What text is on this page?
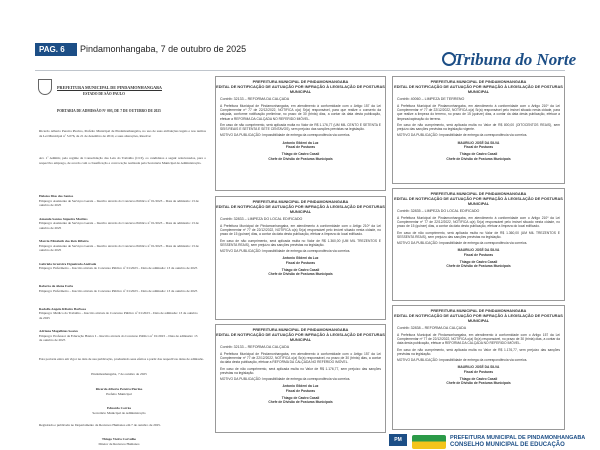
PAG. 6	Pindamonhangaba, 7 de outubro de 2025
Tribuna do Norte
PREFEITURA MUNICIPAL DE PINDAMONHANGABA
ESTADO DE SÃO PAULO
PORTARIA DE ADMISSÃO Nº 003, DE 7 DE OUTUBRO DE 2025
Ricardo Alberto Pereira Piorino, Prefeito Municipal de Pindamonhangaba, no uso de suas atribuições legais e nos termos da Lei Municipal nº 5.076, de 21 de dezembro de 2010, e suas alterações, Resolve:
Art. 1º Admitir, pelo regime da Consolidação das Leis do Trabalho (CLT), os candidatos a seguir relacionados, para o respectivo emprego, de acordo com a classificação e convocação realizada pela Secretaria Municipal de Administração.
Heloísa Dias dos Santos
Emprego: Assistente de Serviços Gerais – Inscrito através do Concurso Público nº 01/2023 – Data de admissão: 13 de outubro de 2025
Amanda Santos Siqueira Martins
Emprego: Assistente de Serviços Gerais – Inscrito através do Concurso Público nº 01/2023 – Data de admissão: 13 de outubro de 2025
Marcia Elizabeth dos Reis Ribeiro
Emprego: Assistente de Serviços Gerais – Inscrito através do Concurso Público nº 01/2023 – Data de admissão: 13 de outubro de 2025
Gabriela Granvira Figueiredo Andrade
Emprego: Enfermeiro – Inscrito através do Concurso Público nº 01/2023 – Data de admissão: 13 de outubro de 2025
Roberta de Alena Faria
Emprego: Enfermeiro – Inscrito através do Concurso Público nº 01/2023 – Data de admissão: 13 de outubro de 2025
Rodolfo Angelo Ribeiro Barbosa
Emprego: Médico do Trabalho – Inscrito através do Concurso Público nº 01/2023 – Data de admissão: 13 de outubro de 2025
Adriana Magalhães Soares
Emprego: Professor de Educação Básica I – Inscrito através do Concurso Público nº 01/2023 – Data de admissão: 13 de outubro de 2025
Esta portaria entra em vigor na data de sua publicação, produzindo seus efeitos a partir das respectivas datas de admissão.
Pindamonhangaba, 7 de outubro de 2025
Ricardo Alberto Pereira Piorino
Prefeito Municipal
Eduardo Corrêa
Secretário Municipal de Administração
Registrada e publicada no Departamento de Recursos Humanos em 7 de outubro de 2025.
Thiago Vieira Carvalho
Diretor de Recursos Humanos
PREFEITURA MUNICIPAL DE PINDAMONHANGABA
EDITAL DE NOTIFICAÇÃO DE AUTUAÇÃO POR INFRAÇÃO À LEGISLAÇÃO DE POSTURAS MUNICIPAL
Contrib: 32133 – REFORMA DA CALÇADA

A Prefeitura Municipal de Pindamonhangaba, em atendimento à conformidade com o Artigo 157 da Lei Complementar nº 77 de 22/12/2022, NOTIFICA o(a) Sr(a) responsável, para que realize o conserto da calçada, conforme notificação preliminar, no prazo de 30 (trinta) dias, a contar da data desta publicação, efetuar a REFORMA DA CALÇADA NO REFERIDO IMÓVEL.

Em caso de não cumprimento, será aplicada multa no Valor de R$ 1.176,77 (UM MIL CENTO E SETENTA E SEIS REAIS E SETENTA E SETE CENTAVOS), sem prejuízo das sanções previstas na legislação.

MOTIVO DA PUBLICAÇÃO: Impossibilidade de entrega da correspondência via correios.

Antonio Gildeni da Luz
Fiscal de Posturas
Thiago de Castro Casali
Chefe de Divisão de Posturas Municipais
PREFEITURA MUNICIPAL DE PINDAMONHANGABA
EDITAL DE NOTIFICAÇÃO DE AUTUAÇÃO POR INFRAÇÃO À LEGISLAÇÃO DE POSTURAS MUNICIPAL
Contrib: 40060 – LIMPEZA DE TERRENO

A Prefeitura Municipal de Pindamonhangaba, em atendimento à conformidade com o Artigo 210º da Lei Complementar nº 77 de 22/12/2022, NOTIFICA o(a) Sr(a) responsável pelo imóvel situado nesta cidade, para que realize a limpeza do terreno, no prazo de 15 (quinze) dias, a contar da data desta publicação, efetuar a limpeza/capinação do terreno.

Em caso de não cumprimento, será aplicada multa no Valor de R$ 800,00 (OITOCENTOS REAIS), sem prejuízo das sanções previstas na legislação vigente.

MOTIVO DA PUBLICAÇÃO: Impossibilidade de entrega da correspondência via correios.

MAURILIO JOSÉ DA SILVA
Fiscal de Posturas
Thiago de Castro Casali
Chefe de Divisão de Posturas Municipais
PREFEITURA MUNICIPAL DE PINDAMONHANGABA
EDITAL DE NOTIFICAÇÃO DE AUTUAÇÃO POR INFRAÇÃO À LEGISLAÇÃO DE POSTURAS MUNICIPAL
Contrib: 32833 – LIMPEZA DO LOCAL EDIFICADO

A Prefeitura Municipal de Pindamonhangaba, em atendimento à conformidade com o Artigo 210º da Lei Complementar nº 77 de 22/12/2022, NOTIFICA o(a) Sr(a) responsável pelo imóvel situado nesta cidade, no prazo de 15 (quinze) dias, a contar da data desta publicação, efetuar a limpeza do local edificado.

Em caso de não cumprimento, será aplicada multa no Valor de R$ 1.360,00 (UM MIL TREZENTOS E SESSENTA REAIS), sem prejuízo das sanções previstas na legislação.

MOTIVO DA PUBLICAÇÃO: Impossibilidade de entrega da correspondência via correios.

Antonio Gildeni da Luz
Fiscal de Posturas
Thiago de Castro Casali
Chefe de Divisão de Posturas Municipais
PREFEITURA MUNICIPAL DE PINDAMONHANGABA
EDITAL DE NOTIFICAÇÃO DE AUTUAÇÃO POR INFRAÇÃO À LEGISLAÇÃO DE POSTURAS MUNICIPAL
Contrib: 32835 – LIMPEZA DO LOCAL EDIFICADO

A Prefeitura Municipal de Pindamonhangaba, em atendimento à conformidade com o Artigo 210º da Lei Complementar nº 77 de 22/12/2022, NOTIFICA o(a) Sr(a) responsável pelo imóvel situado nesta cidade, no prazo de 15 (quinze) dias, a contar da data desta publicação, efetuar a limpeza do local edificado.

Em caso de não cumprimento, será aplicada multa no Valor de R$ 1.360,00 (UM MIL TREZENTOS E SESSENTA REAIS), sem prejuízo das sanções previstas na legislação.

MOTIVO DA PUBLICAÇÃO: Impossibilidade de entrega da correspondência via correios.

MAURILIO JOSÉ DA SILVA
Fiscal de Posturas
Thiago de Castro Casali
Chefe de Divisão de Posturas Municipais
PREFEITURA MUNICIPAL DE PINDAMONHANGABA
EDITAL DE NOTIFICAÇÃO DE AUTUAÇÃO POR INFRAÇÃO À LEGISLAÇÃO DE POSTURAS MUNICIPAL
Contrib: 32133 – REFORMA DA CALÇADA

A Prefeitura Municipal de Pindamonhangaba, em atendimento à conformidade com o Artigo 157 da Lei Complementar nº 77 de 22/12/2022, NOTIFICA o(a) Sr(a) responsável, no prazo de 30 (trinta) dias, a contar da data desta publicação, efetuar a REFORMA DA CALÇADA NO REFERIDO IMÓVEL.

Em caso de não cumprimento, será aplicada multa no Valor de R$ 1.176,77, sem prejuízo das sanções previstas na legislação.

MOTIVO DA PUBLICAÇÃO: Impossibilidade de entrega da correspondência via correios.

Antonio Gildeni da Luz
Fiscal de Posturas
Thiago de Castro Casali
Chefe de Divisão de Posturas Municipais
PREFEITURA MUNICIPAL DE PINDAMONHANGABA
EDITAL DE NOTIFICAÇÃO DE AUTUAÇÃO POR INFRAÇÃO À LEGISLAÇÃO DE POSTURAS MUNICIPAL
Contrib: 32838 – REFORMA DA CALÇADA

A Prefeitura Municipal de Pindamonhangaba, em atendimento à conformidade com o Artigo 157 da Lei Complementar nº 77 de 22/12/2022, NOTIFICA o(a) Sr(a) responsável, no prazo de 30 (trinta) dias, a contar da data desta publicação, efetuar a REFORMA DA CALÇADA NO REFERIDO IMÓVEL.

Em caso de não cumprimento, será aplicada multa no Valor de R$ 1.176,77, sem prejuízo das sanções previstas na legislação.

MOTIVO DA PUBLICAÇÃO: Impossibilidade de entrega da correspondência via correios.

MAURILIO JOSÉ DA SILVA
Fiscal de Posturas
Thiago de Castro Casali
Chefe de Divisão de Posturas Municipais
PM	PREFEITURA MUNICIPAL DE PINDAMONHANGABA
CONSELHO MUNICIPAL DE EDUCAÇÃO
